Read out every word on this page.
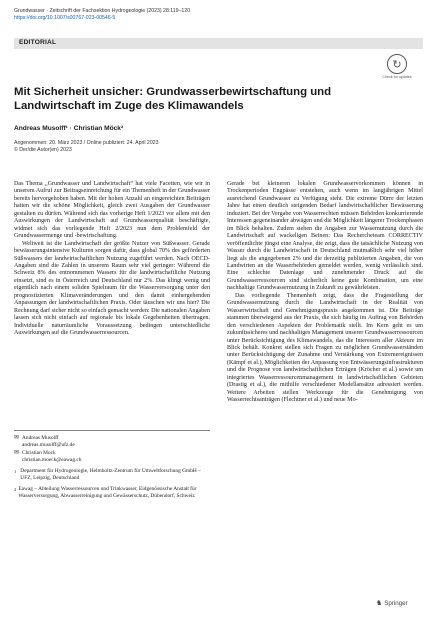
Grundwasser · Zeitschrift der Fachsektion Hydrogeologie (2023) 28:119–120
https://doi.org/10.1007/s00767-023-00546-5
EDITORIAL
↻
Check for updates
Mit Sicherheit unsicher: Grundwasserbewirtschaftung und Landwirtschaft im Zuge des Klimawandels
Andreas Musolff¹ · Christian Möck²
Angenommen: 20. März 2023 / Online publiziert: 24. April 2023
© Der/die Autor(en) 2023

Das Thema „Grundwasser und Landwirtschaft“ hat viele Facetten, wie wir in unserem Aufruf zur Beitragseinreichung für ein Themenheft in der Grundwasser bereits hervorgehoben haben. Mit der hohen Anzahl an eingereichten Beiträgen hatten wir die schöne Möglichkeit, gleich zwei Ausgaben der Grundwasser gestalten zu dürfen. Während sich das vorherige Heft 1/2023 vor allem mit den Auswirkungen der Landwirtschaft auf Grundwasserqualität beschäftigte, widmet sich das vorliegende Heft 2/2023 nun dem Problemfeld der Grundwassermenge und -bewirtschaftung.

Weltweit ist die Landwirtschaft der größte Nutzer von Süßwasser. Gerade bewässerungsintensive Kulturen sorgen dafür, dass global 70% des geförderten Süßwassers der landwirtschaftlichen Nutzung zugeführt werden. Nach OECD-Angaben sind die Zahlen in unserem Raum sehr viel geringer: Während die Schweiz 8% des entnommenen Wassers für die landwirtschaftliche Nutzung einsetzt, sind es in Österreich und Deutschland nur 2%. Das klingt wenig und eigentlich nach einem soliden Spielraum für die Wasserversorgung unter den prognostizierten Klimaveränderungen und den damit einhergehenden Anpassungen der landwirtschaftlichen Praxis. Oder täuschen wir uns hier? Die Rechnung darf sicher nicht so einfach gemacht werden: Die nationalen Angaben lassen sich nicht einfach auf regionale bis lokale Gegebenheiten übertragen. Individuelle naturräumliche Voraussetzung bedingen unterschiedliche Auswirkungen auf die Grundwasserressourcen.

Gerade bei kleineren lokalen Grundwasservorkommen können in Trockenperioden Engpässe entstehen, auch wenn im langjährigen Mittel ausreichend Grundwasser zu Verfügung steht. Die extreme Dürre der letzten Jahre hat einen deutlich steigenden Bedarf landwirtschaftlicher Bewässerung induziert. Bei der Vergabe von Wasserrechten müssen Behörden konkurrierende Interessen gegeneinander abwägen und die Möglichkeit längerer Trockenphasen im Blick behalten. Zudem stehen die Angaben zur Wassernutzung durch die Landwirtschaft auf wackeligen Beinen: Das Rechercheteam CORRECTIV veröffentlichte jüngst eine Analyse, die zeigt, dass die tatsächliche Nutzung von Wasser durch die Landwirtschaft in Deutschland mutmaßlich sehr viel höher liegt als die angegebenen 2% und die derzeitig publizierten Angaben, die von Landwirten an die Wasserbehörden gemeldet werden, wenig verlässlich sind. Eine schlechte Datenlage und zunehmender Druck auf die Grundwasserressourcen sind sicherlich keine gute Kombination, um eine nachhaltige Grundwassernutzung in Zukunft zu gewährleisten.

Das vorliegende Themenheft zeigt, dass die Fragestellung der Grundwassernutzung durch die Landwirtschaft in der Realität von Wasserwirtschaft und Genehmigungspraxis angekommen ist. Die Beiträge stammen überwiegend aus der Praxis, die sich häufig im Auftrag von Behörden den verschiedenen Aspekten der Problematik stellt. Im Kern geht es um zukunftssicheres und nachhaltiges Management unserer Grundwasserressourcen unter Berücksichtigung des Klimawandels, das die Interessen aller Akteure im Blick behält. Konkret stellen sich Fragen zu möglichen Grundwasserständen unter Berücksichtigung der Zunahme und Verstärkung von Extremereignissen (Kämpf et al.), Möglichkeiten der Anpassung von Entwässerungsinfrastrukturen und die Prognose von landwirtschaftlichen Erträgen (Kröcher et al.) sowie um integriertes Wasserressourcenmanagement in landwirtschaftlichen Gebieten (Drastig et al.), die mithilfe verschiedener Modellansätze adressiert werden. Weitere Arbeiten stellen Werkzeuge für die Genehmigung von Wasserrechtsanträgen (Flechtner et al.) und neue Mo-

✉ Andreas Musolff
andreas.musolff@ufz.de
✉ Christian Mock
christian.moeck@eawag.ch
1 Department für Hydrogeologie, Helmholtz-Zentrum für Umweltforschung GmbH – UFZ, Leipzig, Deutschland
2 Eawag – Abteilung Wasserressourcen und Trinkwasser, Eidgenössische Anstalt für Wasserversorgung, Abwasserreinigung und Gewässerschutz, Dübendorf, Schweiz
♞ Springer
